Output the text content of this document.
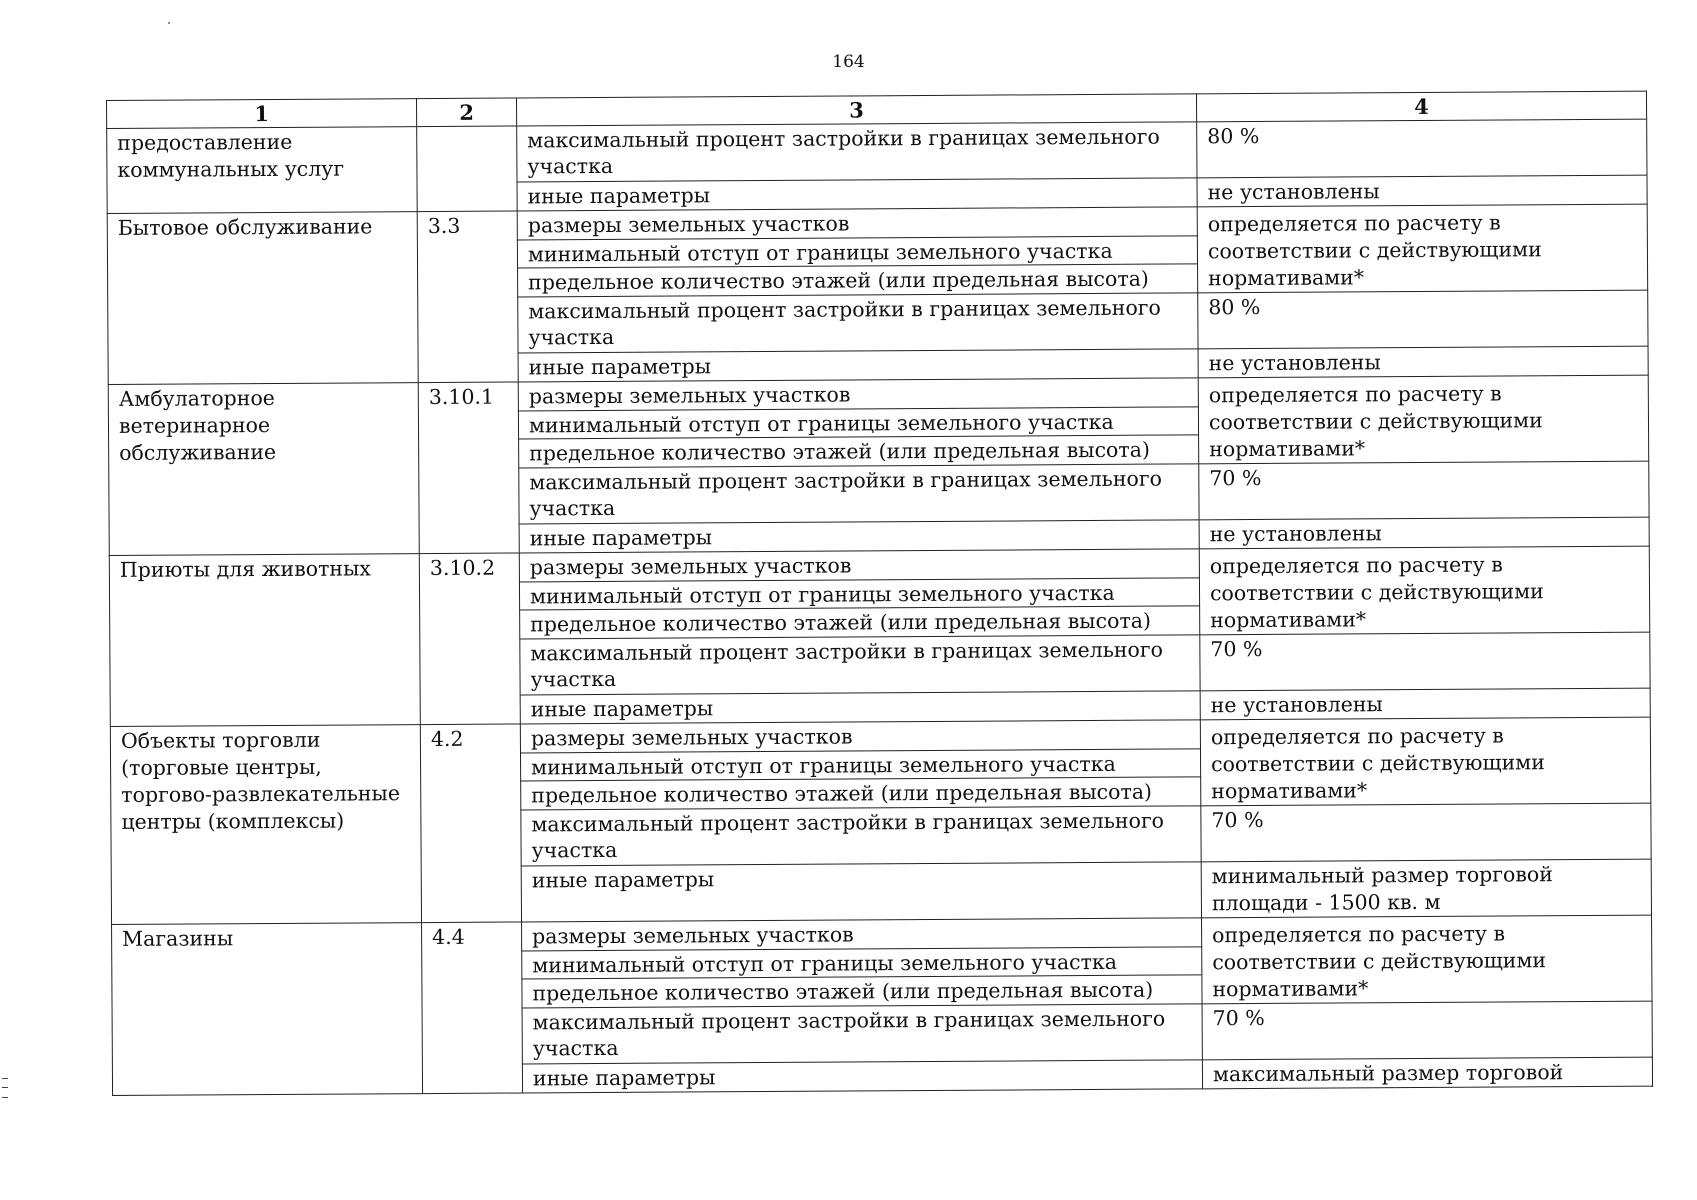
164
1	2	3	4
предоставление коммунальных услуг		максимальный процент застройки в границах земельного участка	80 %
		иные параметры	не установлены
Бытовое обслуживание	3.3	размеры земельных участков	определяется по расчету в соответствии с действующими нормативами*
		минимальный отступ от границы земельного участка	
		предельное количество этажей (или предельная высота)	
		максимальный процент застройки в границах земельного участка	80 %
		иные параметры	не установлены
Амбулаторное ветеринарное обслуживание	3.10.1	размеры земельных участков	определяется по расчету в соответствии с действующими нормативами*
		минимальный отступ от границы земельного участка	
		предельное количество этажей (или предельная высота)	
		максимальный процент застройки в границах земельного участка	70 %
		иные параметры	не установлены
Приюты для животных	3.10.2	размеры земельных участков	определяется по расчету в соответствии с действующими нормативами*
		минимальный отступ от границы земельного участка	
		предельное количество этажей (или предельная высота)	
		максимальный процент застройки в границах земельного участка	70 %
		иные параметры	не установлены
Объекты торговли (торговые центры, торгово-развлекательные центры (комплексы)	4.2	размеры земельных участков	определяется по расчету в соответствии с действующими нормативами*
		минимальный отступ от границы земельного участка	
		предельное количество этажей (или предельная высота)	
		максимальный процент застройки в границах земельного участка	70 %
		иные параметры	минимальный размер торговой площади - 1500 кв. м
Магазины	4.4	размеры земельных участков	определяется по расчету в соответствии с действующими нормативами*
		минимальный отступ от границы земельного участка	
		предельное количество этажей (или предельная высота)	
		максимальный процент застройки в границах земельного участка	70 %
		иные параметры	максимальный размер торговой
